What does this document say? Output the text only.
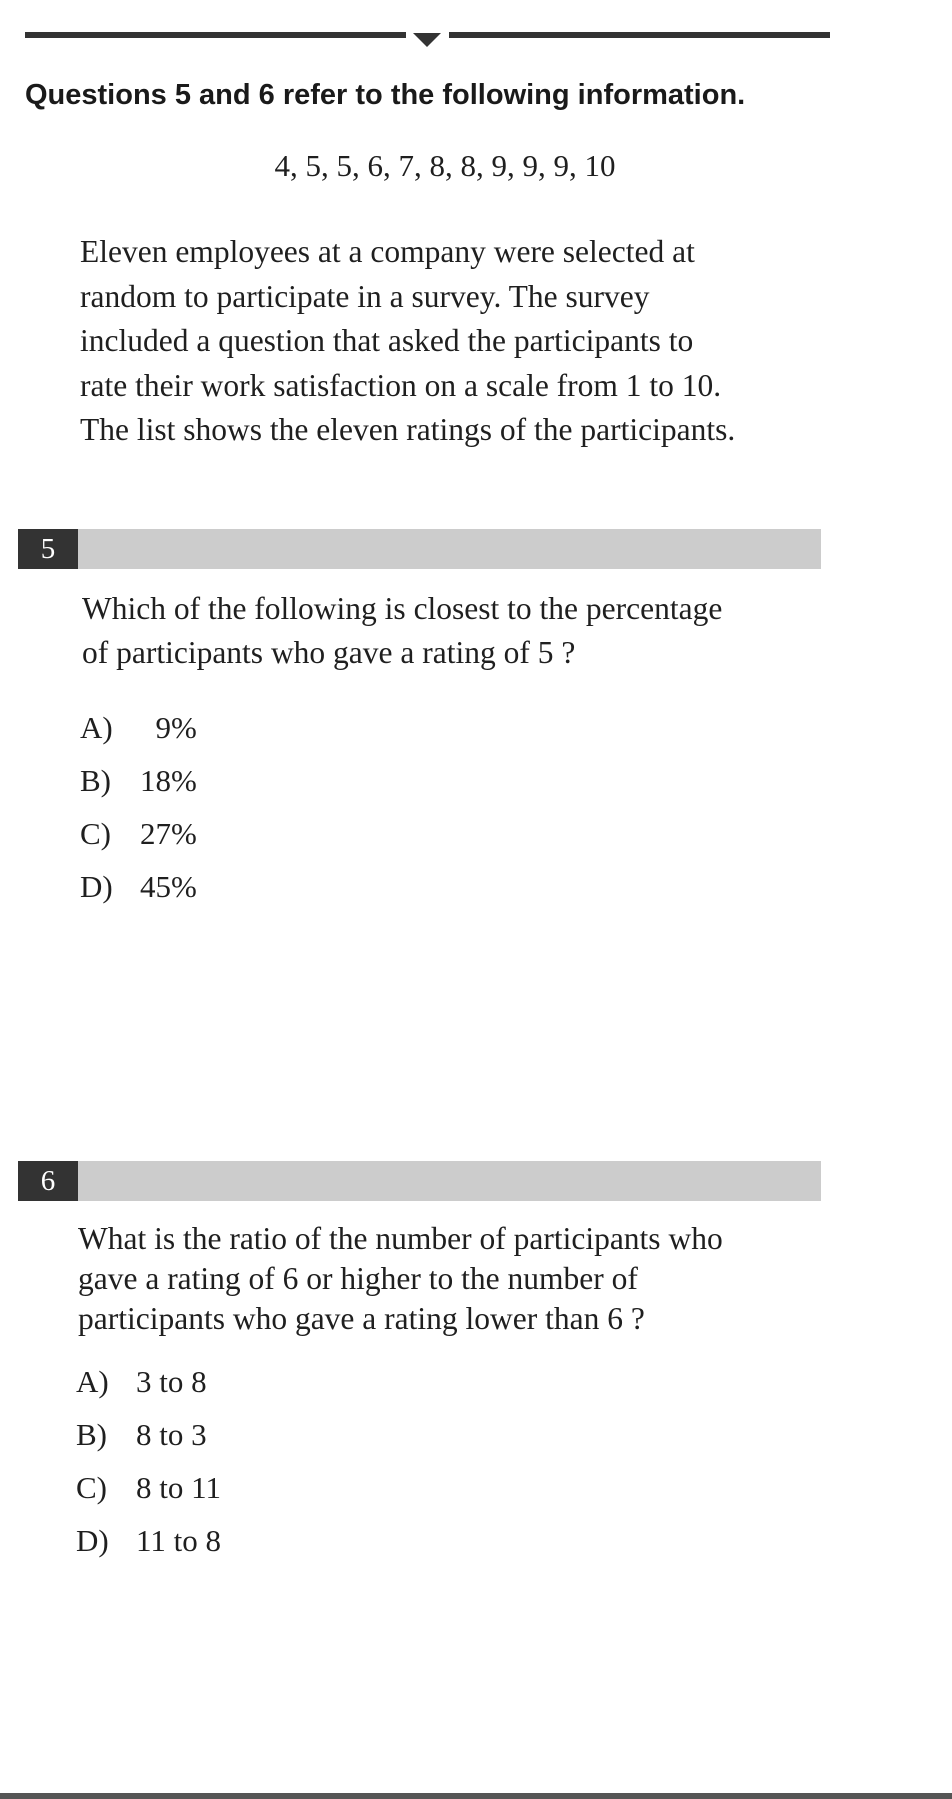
Questions 5 and 6 refer to the following information.

4, 5, 5, 6, 7, 8, 8, 9, 9, 9, 10

Eleven employees at a company were selected at
random to participate in a survey. The survey
included a question that asked the participants to
rate their work satisfaction on a scale from 1 to 10.
The list shows the eleven ratings of the participants.
5
Which of the following is closest to the percentage
of participants who gave a rating of 5 ?
A) 9%
B) 18%
C) 27%
D) 45%
6
What is the ratio of the number of participants who
gave a rating of 6 or higher to the number of
participants who gave a rating lower than 6 ?
A) 3 to 8
B) 8 to 3
C) 8 to 11
D) 11 to 8
